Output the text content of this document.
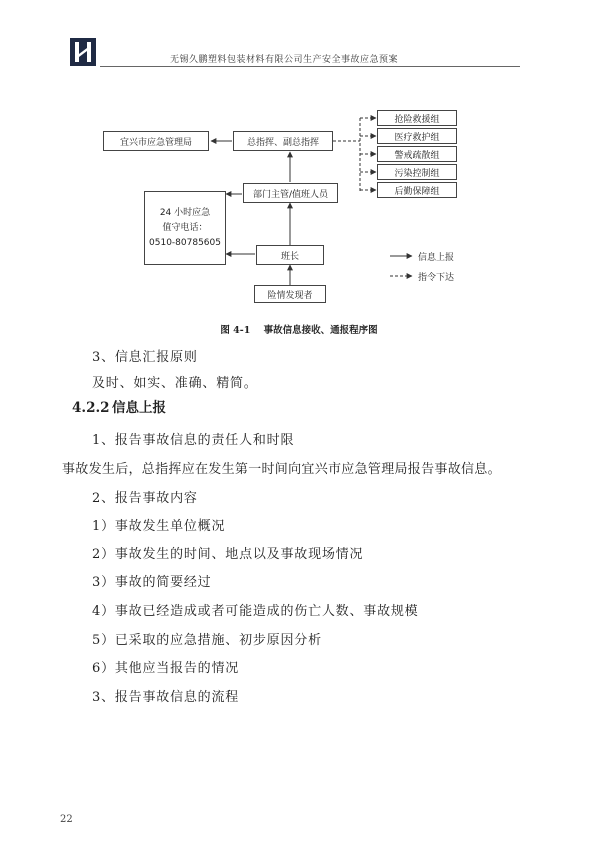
无锡久鹏塑料包装材料有限公司生产安全事故应急预案
宜兴市应急管理局	总指挥、副总指挥
部门主管/值班人员
班长
险情发现者
24 小时应急
值守电话：
0510-80785605
抢险救援组
医疗救护组
警戒疏散组
污染控制组
后勤保障组
信息上报
指令下达
图 4-1 事故信息接收、通报程序图
3、信息汇报原则
及时、如实、准确、精简。
4.2.2 信息上报
1、报告事故信息的责任人和时限
事故发生后，总指挥应在发生第一时间向宜兴市应急管理局报告事故信息。
2、报告事故内容
1）事故发生单位概况
2）事故发生的时间、地点以及事故现场情况
3）事故的简要经过
4）事故已经造成或者可能造成的伤亡人数、事故规模
5）已采取的应急措施、初步原因分析
6）其他应当报告的情况
3、报告事故信息的流程
22
